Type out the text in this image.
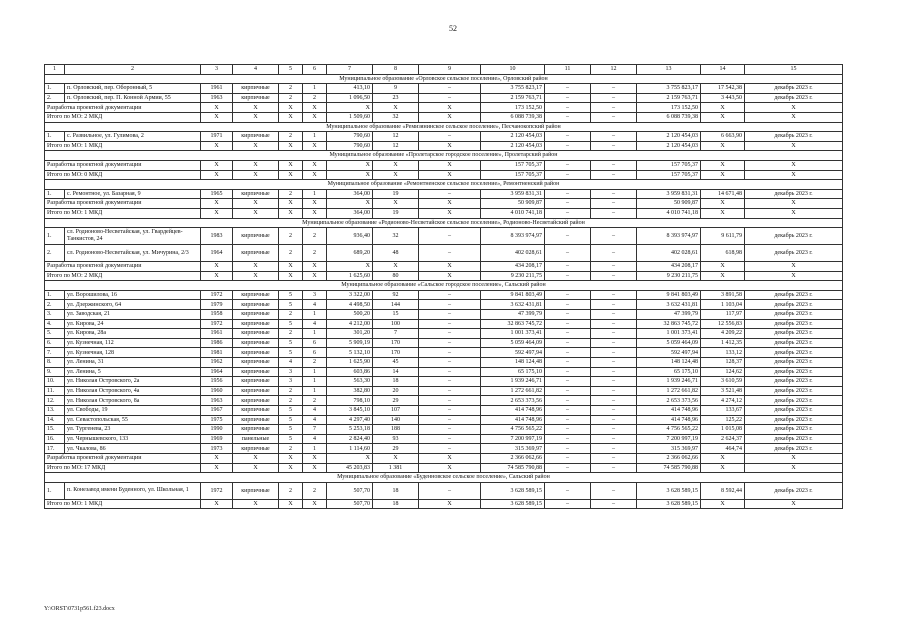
52
1	2	3	4	5	6	7	8	9	10	11	12	13	14	15
Муниципальное образование «Орловское сельское поселение», Орловский район														
1.	п. Орловский, пер. Оборонный, 5	1961	кирпичные	2	1	413,10	9	–	3 755 823,17	–	–	3 755 823,17	17 542,38	декабрь 2023 г.
2.	п. Орловский, пер. П. Конной Армии, 55	1963	кирпичные	2	2	1 096,50	23	–	2 159 763,71	–	–	2 159 763,71	3 443,50	декабрь 2023 г.
Разработка проектной документации		X	X	X	X	X	X	X	173 152,50	–	–	173 152,50	X	X
Итого по МО: 2 МКД		X	X	X	X	1 509,60	32	X	6 088 739,38	–	–	6 088 739,38	X	X
Муниципальное образование «Ремизянинское сельское поселение», Песчанокопский район														
1.	с. Развильное, ул. Гулимова, 2	1971	кирпичные	2	1	790,60	12	–	2 120 454,03	–	–	2 120 454,03	6 663,90	декабрь 2023 г.
Итого по МО: 1 МКД		X	X	X	X	790,60	12	X	2 120 454,03	–	–	2 120 454,03	X	X
Муниципальное образование «Пролетарское городское поселение», Пролетарский район														
Разработка проектной документации		X	X	X	X	X	X	X	157 705,37	–	–	157 705,37	X	X
Итого по МО: 0 МКД		X	X	X	X	X	X	X	157 705,37	–	–	157 705,37	X	X
Муниципальное образование «Ремонтненское сельское поселение», Ремонтненский район														
1.	с. Ремонтное, ул. Базарная, 9	1965	кирпичные	2	1	364,00	19	–	3 959 831,31	–	–	3 959 831,31	14 671,48	декабрь 2023 г.
Разработка проектной документации		X	X	X	X	X	X	X	50 909,87	–	–	50 909,87	X	X
Итого по МО: 1 МКД		X	X	X	X	364,00	19	X	4 010 741,18	–	–	4 010 741,18	X	X
Муниципальное образование «Родионово-Несветайское сельское поселение», Родионово-Несветайский район														
1.	сл. Родионово-Несветайская, ул. Гвардейцев-Танкистов, 24	1983	кирпичные	2	2	936,40	32	–	8 393 974,97	–	–	8 393 974,97	9 611,79	декабрь 2023 г.
2.	сл. Родионово-Несветайская, ул. Мичурина, 2/3	1964	кирпичные	2	2	689,20	48	–	402 028,61	–	–	402 028,61	618,98	декабрь 2023 г.
Разработка проектной документации		X	X	X	X	X	X	X	434 208,17	–	–	434 208,17	X	X
Итого по МО: 2 МКД		X	X	X	X	1 625,60	80	X	9 230 211,75	–	–	9 230 211,75	X	X
Муниципальное образование «Сальское городское поселение», Сальский район														
1.	ул. Ворошилова, 16	1972	кирпичные	5	3	3 322,00	92	–	9 841 803,49	–	–	9 841 803,49	3 891,58	декабрь 2023 г.
2.	ул. Дзержинского, 64	1979	кирпичные	5	4	4 498,50	144	–	3 632 431,81	–	–	3 632 431,81	1 103,04	декабрь 2023 г.
3.	ул. Заводская, 21	1958	кирпичные	2	1	500,20	15	–	47 399,79	–	–	47 399,79	117,97	декабрь 2023 г.
4.	ул. Кирова, 24	1972	кирпичные	5	4	4 212,00	100	–	32 863 745,72	–	–	32 863 745,72	12 556,83	декабрь 2023 г.
5.	ул. Кирова, 28а	1961	кирпичные	2	1	301,20	7	–	1 001 373,41	–	–	1 001 373,41	4 209,22	декабрь 2023 г.
6.	ул. Кузнечная, 112	1986	кирпичные	5	6	5 909,19	170	–	5 059 464,09	–	–	5 059 464,09	1 412,35	декабрь 2023 г.
7.	ул. Кузнечная, 128	1981	кирпичные	5	6	5 132,10	170	–	592 497,94	–	–	592 497,94	133,12	декабрь 2023 г.
8.	ул. Ленина, 31	1962	кирпичные	4	2	1 625,90	45	–	148 124,48	–	–	148 124,48	128,37	декабрь 2023 г.
9.	ул. Ленина, 5	1964	кирпичные	3	1	603,86	14	–	65 175,10	–	–	65 175,10	124,62	декабрь 2023 г.
10.	ул. Николая Островского, 2а	1956	кирпичные	3	1	563,30	18	–	1 939 246,71	–	–	1 939 246,71	3 610,59	декабрь 2023 г.
11.	ул. Николая Островского, 4а	1960	кирпичные	2	1	382,80	20	–	1 272 661,82	–	–	1 272 661,82	3 521,48	декабрь 2023 г.
12.	ул. Николая Островского, 8а	1963	кирпичные	2	2	798,10	29	–	2 653 373,56	–	–	2 653 373,56	4 274,12	декабрь 2023 г.
13.	ул. Свободы, 19	1967	кирпичные	5	4	3 845,10	107	–	414 748,96	–	–	414 748,96	133,67	декабрь 2023 г.
14.	ул. Севастопольская, 55	1975	кирпичные	5	4	4 297,40	140	–	414 748,96	–	–	414 748,96	125,22	декабрь 2023 г.
15.	ул. Тургенева, 23	1990	кирпичные	5	7	5 253,18	188	–	4 756 565,22	–	–	4 756 565,22	1 015,08	декабрь 2023 г.
16.	ул. Чернышевского, 133	1969	панельные	5	4	2 824,40	93	–	7 200 997,19	–	–	7 200 997,19	2 624,37	декабрь 2023 г.
17.	ул. Чкалова, 86	1973	кирпичные	2	1	1 114,60	29	–	315 369,97	–	–	315 369,97	464,74	декабрь 2023 г.
Разработка проектной документации		X	X	X	X	X	X	X	2 366 062,66	–	–	2 366 062,66	X	X
Итого по МО: 17 МКД		X	X	X	X	45 203,83	1 381	X	74 585 790,88	–	–	74 585 790,88	X	X
Муниципальное образование «Буденновское сельское поселение», Сальский район														
1.	п. Конезавод имени Буденного, ул. Школьная, 1	1972	кирпичные	2	2	507,70	18	–	3 628 589,15	–	–	3 628 589,15	8 592,44	декабрь 2023 г.
Итого по МО: 1 МКД		X	X	X	X	507,70	18	X	3 628 589,15	–	–	3 628 589,15	X	X
Y:\ORST\0731p561.f23.docx
